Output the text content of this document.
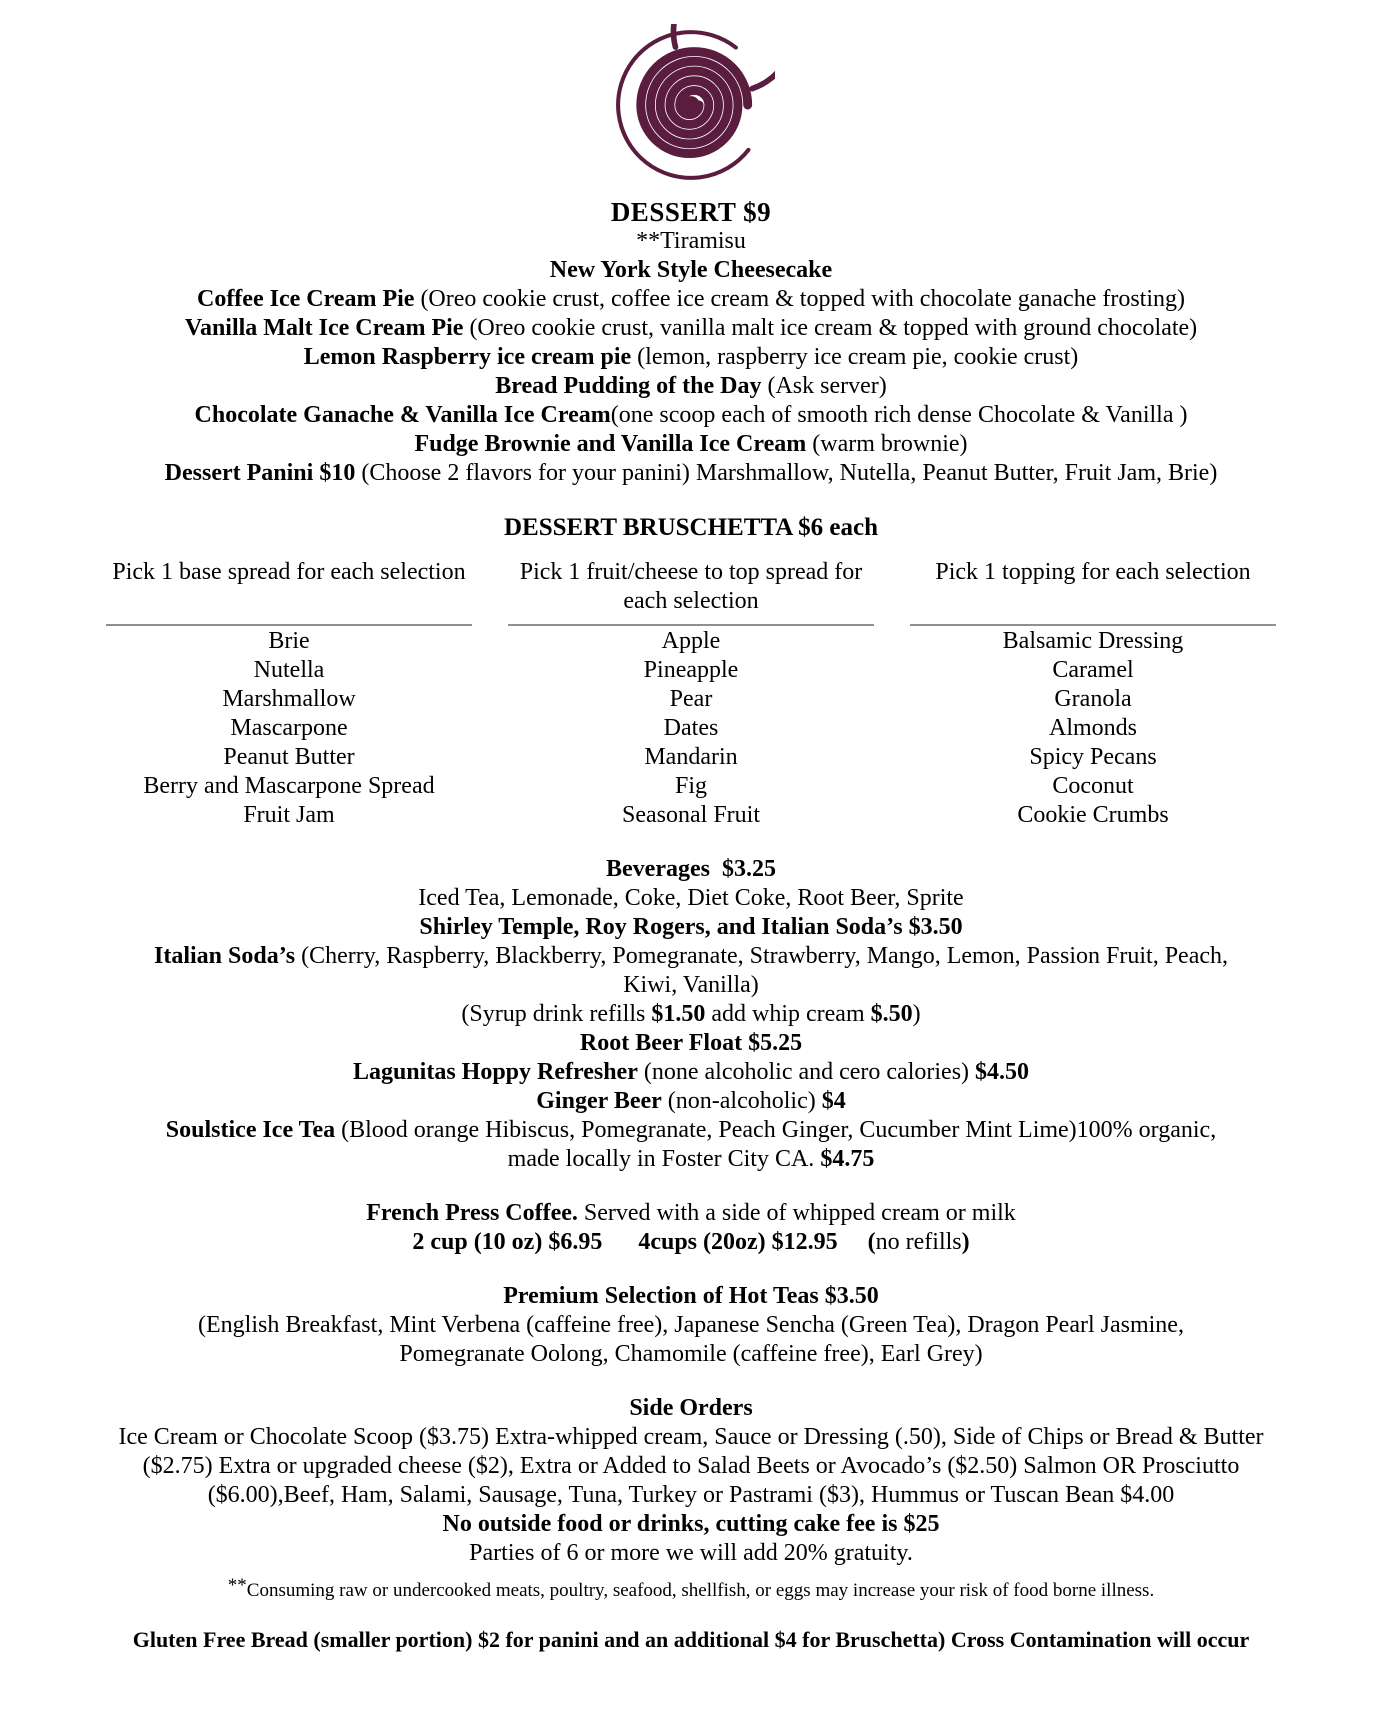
DESSERT $9
**Tiramisu
New York Style Cheesecake
Coffee Ice Cream Pie (Oreo cookie crust, coffee ice cream & topped with chocolate ganache frosting)
Vanilla Malt Ice Cream Pie (Oreo cookie crust, vanilla malt ice cream & topped with ground chocolate)
Lemon Raspberry ice cream pie (lemon, raspberry ice cream pie, cookie crust)
Bread Pudding of the Day (Ask server)
Chocolate Ganache & Vanilla Ice Cream(one scoop each of smooth rich dense Chocolate & Vanilla )
Fudge Brownie and Vanilla Ice Cream (warm brownie)
Dessert Panini $10 (Choose 2 flavors for your panini) Marshmallow, Nutella, Peanut Butter, Fruit Jam, Brie)
DESSERT BRUSCHETTA $6 each
Pick 1 base spread for each selection
Brie
Nutella
Marshmallow
Mascarpone
Peanut Butter
Berry and Mascarpone Spread
Fruit Jam
Pick 1 fruit/cheese to top spread for each selection
Apple
Pineapple
Pear
Dates
Mandarin
Fig
Seasonal Fruit
Pick 1 topping for each selection
Balsamic Dressing
Caramel
Granola
Almonds
Spicy Pecans
Coconut
Cookie Crumbs
Beverages  $3.25
Iced Tea, Lemonade, Coke, Diet Coke, Root Beer, Sprite
Shirley Temple, Roy Rogers, and Italian Soda’s $3.50
Italian Soda’s (Cherry, Raspberry, Blackberry, Pomegranate, Strawberry, Mango, Lemon, Passion Fruit, Peach,
Kiwi, Vanilla)
(Syrup drink refills $1.50 add whip cream $.50)
Root Beer Float $5.25
Lagunitas Hoppy Refresher (none alcoholic and cero calories) $4.50
Ginger Beer (non-alcoholic) $4
Soulstice Ice Tea (Blood orange Hibiscus, Pomegranate, Peach Ginger, Cucumber Mint Lime)100% organic,
made locally in Foster City CA. $4.75
French Press Coffee. Served with a side of whipped cream or milk
2 cup (10 oz) $6.95 4cups (20oz) $12.95 (no refills)
Premium Selection of Hot Teas $3.50
(English Breakfast, Mint Verbena (caffeine free), Japanese Sencha (Green Tea), Dragon Pearl Jasmine,
Pomegranate Oolong, Chamomile (caffeine free), Earl Grey)
Side Orders
Ice Cream or Chocolate Scoop ($3.75) Extra-whipped cream, Sauce or Dressing (.50), Side of Chips or Bread & Butter
($2.75) Extra or upgraded cheese ($2), Extra or Added to Salad Beets or Avocado’s ($2.50) Salmon OR Prosciutto
($6.00),Beef, Ham, Salami, Sausage, Tuna, Turkey or Pastrami ($3), Hummus or Tuscan Bean $4.00
No outside food or drinks, cutting cake fee is $25
Parties of 6 or more we will add 20% gratuity.
**Consuming raw or undercooked meats, poultry, seafood, shellfish, or eggs may increase your risk of food borne illness.
Gluten Free Bread (smaller portion) $2 for panini and an additional $4 for Bruschetta) Cross Contamination will occur
